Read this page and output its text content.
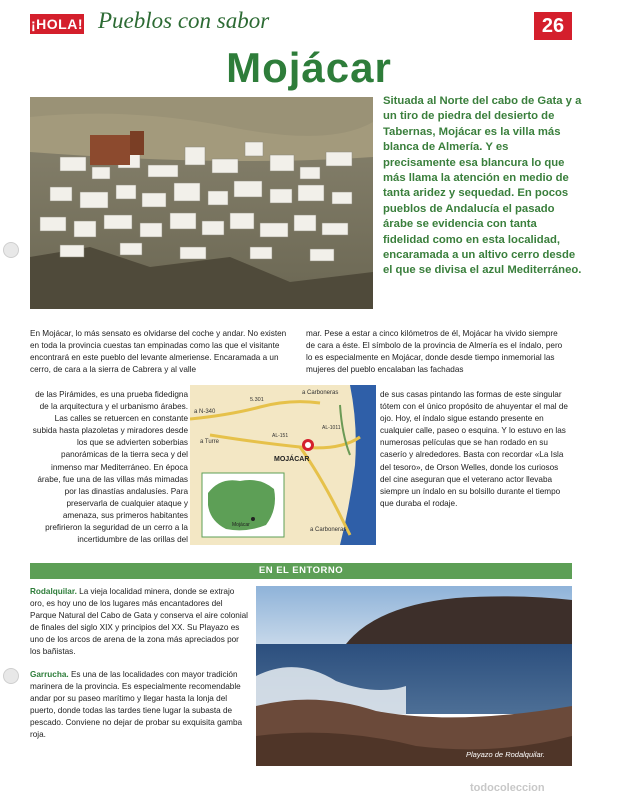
¡HOLA! Pueblos con sabor	26
Mojácar
Situada al Norte del cabo de Gata y a un tiro de piedra del desierto de Tabernas, Mojácar es la villa más blanca de Almería. Y es precisamente esa blancura lo que más llama la atención en medio de tanta aridez y sequedad. En pocos pueblos de Andalucía el pasado árabe se evidencia con tanta fidelidad como en esta localidad, encaramada a un altivo cerro desde el que se divisa el azul Mediterráneo.
En Mojácar, lo más sensato es olvidarse del coche y andar. No existen en toda la provincia cuestas tan empinadas como las que el visitante encontrará en este pueblo del levante almeriense. Encaramada a un cerro, de cara a la sierra de Cabrera y al valle
de las Pirámides, es una prueba fidedigna de la arquitectura y el urbanismo árabes. Las calles se retuercen en constante subida hasta plazoletas y miradores desde los que se advierten soberbias panorámicas de la tierra seca y del inmenso mar Mediterráneo. En época árabe, fue una de las villas más mimadas por las dinastías andalusíes. Para preservarla de cualquier ataque y amenaza, sus primeros habitantes prefirieron la seguridad de un cerro a la incertidumbre de las orillas del
mar. Pese a estar a cinco kilómetros de él, Mojácar ha vivido siempre de cara a éste. El símbolo de la provincia de Almería es el índalo, pero lo es especialmente en Mojácar, donde desde tiempo inmemorial las mujeres del pueblo encalaban las fachadas
de sus casas pintando las formas de este singular tótem con el único propósito de ahuyentar el mal de ojo. Hoy, el índalo sigue estando presente en cualquier calle, paseo o esquina. Y lo estuvo en las numerosas películas que se han rodado en su caserío y alrededores. Basta con recordar «La Isla del tesoro», de Orson Welles, donde los curiosos del cine aseguran que el veterano actor llevaba siempre un índalo en su bolsillo durante el tiempo que duraba el rodaje.
a N-340
5.301
a Carboneras
a Turre
AL-151
MOJÁCAR
AL-1011
a Carboneras
Mojácar
EN EL ENTORNO

Rodalquilar. La vieja localidad minera, donde se extrajo oro, es hoy uno de los lugares más encantadores del Parque Natural del Cabo de Gata y conserva el aire colonial de finales del siglo XIX y principios del XX. Su Playazo es uno de los arcos de arena de la zona más apreciados por los bañistas.

Garrucha. Es una de las localidades con mayor tradición marinera de la provincia. Es especialmente recomendable andar por su paseo marítimo y llegar hasta la lonja del puerto, donde todas las tardes tiene lugar la subasta de pescado. Conviene no dejar de probar su exquisita gamba roja.

Playazo de Rodalquilar.
todocoleccion
